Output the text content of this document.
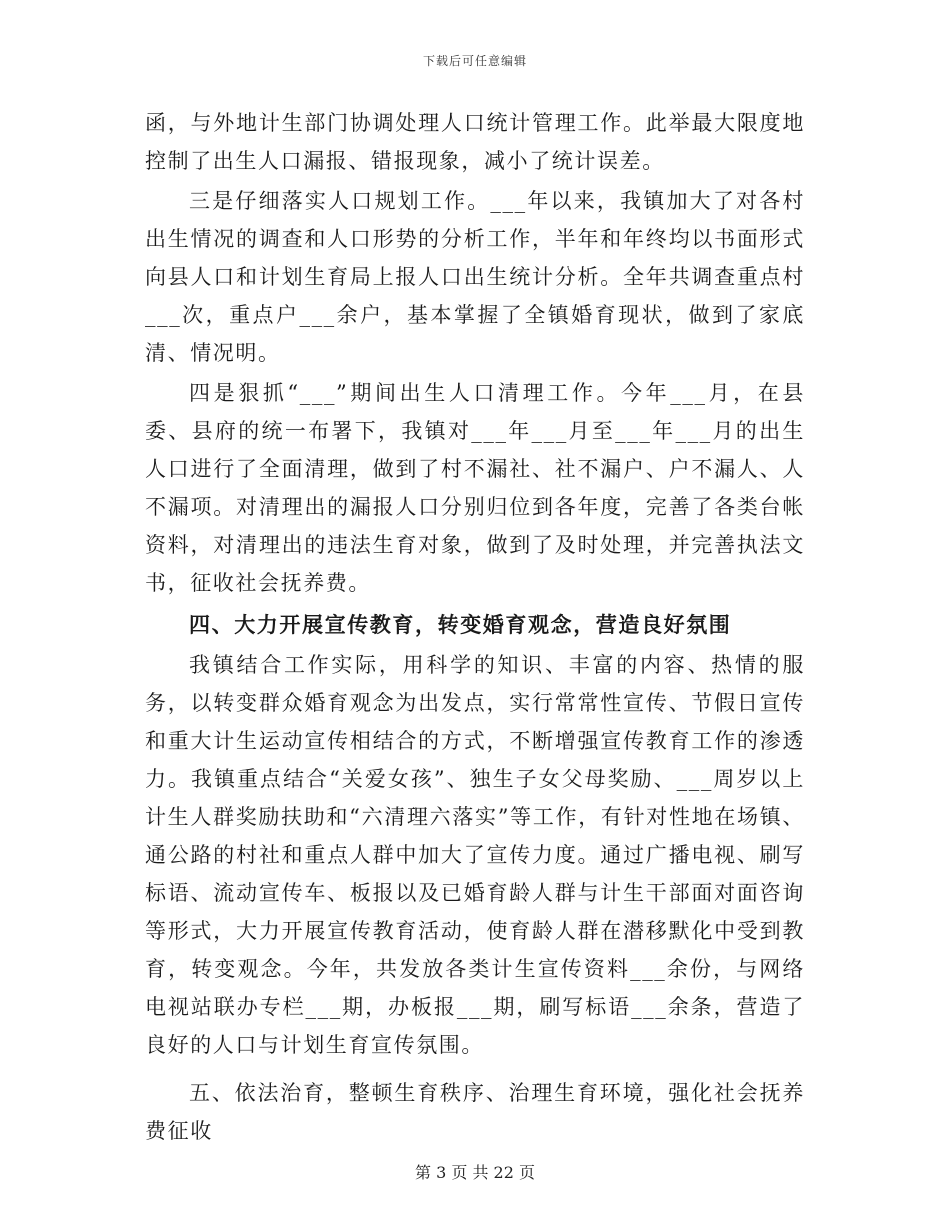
下载后可任意编辑

函，与外地计生部门协调处理人口统计管理工作。此举最大限度地控制了出生人口漏报、错报现象，减小了统计误差。

三是仔细落实人口规划工作。___年以来，我镇加大了对各村出生情况的调查和人口形势的分析工作，半年和年终均以书面形式向县人口和计划生育局上报人口出生统计分析。全年共调查重点村___次，重点户___余户，基本掌握了全镇婚育现状，做到了家底清、情况明。

四是狠抓“___”期间出生人口清理工作。今年___月，在县委、县府的统一布署下，我镇对___年___月至___年___月的出生人口进行了全面清理，做到了村不漏社、社不漏户、户不漏人、人不漏项。对清理出的漏报人口分别归位到各年度，完善了各类台帐资料，对清理出的违法生育对象，做到了及时处理，并完善执法文书，征收社会抚养费。

四、大力开展宣传教育，转变婚育观念，营造良好氛围

我镇结合工作实际，用科学的知识、丰富的内容、热情的服务，以转变群众婚育观念为出发点，实行常常性宣传、节假日宣传和重大计生运动宣传相结合的方式，不断增强宣传教育工作的渗透力。我镇重点结合“关爱女孩”、独生子女父母奖励、___周岁以上计生人群奖励扶助和“六清理六落实”等工作，有针对性地在场镇、通公路的村社和重点人群中加大了宣传力度。通过广播电视、刷写标语、流动宣传车、板报以及已婚育龄人群与计生干部面对面咨询等形式，大力开展宣传教育活动，使育龄人群在潜移默化中受到教育，转变观念。今年，共发放各类计生宣传资料___余份，与网络电视站联办专栏___期，办板报___期，刷写标语___余条，营造了良好的人口与计划生育宣传氛围。

五、依法治育，整顿生育秩序、治理生育环境，强化社会抚养费征收

第 3 页 共 22 页
